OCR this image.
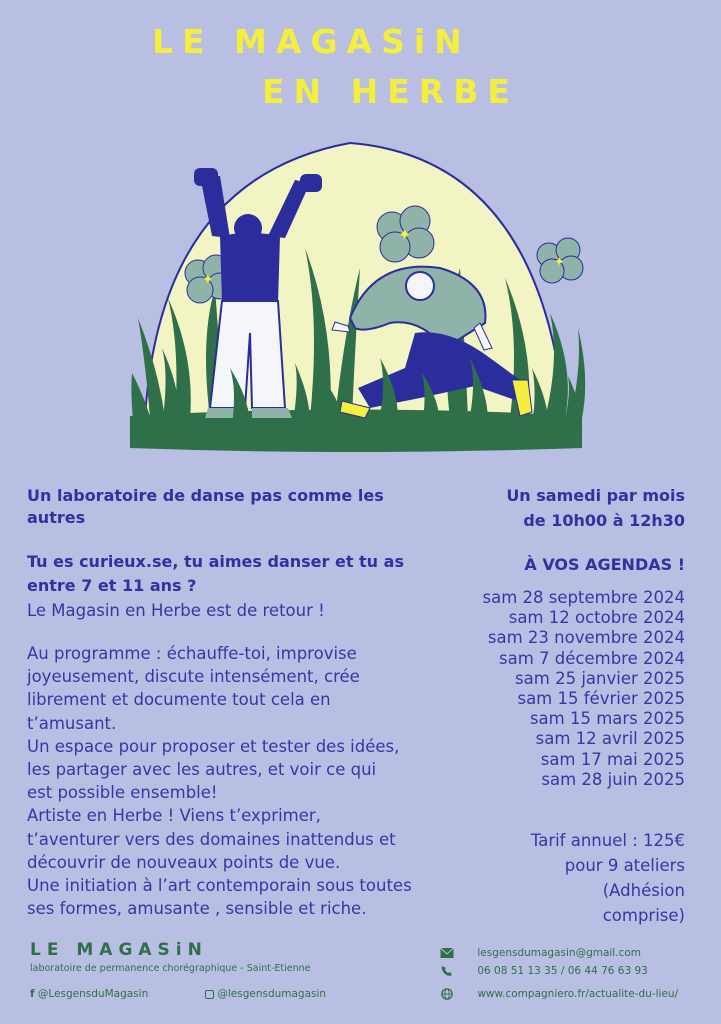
LE MAGASiN
EN HERBE
✦
✦
✦
Un laboratoire de danse pas comme les autres
Tu es curieux.se, tu aimes danser et tu as
entre 7 et 11 ans ?
Le Magasin en Herbe est de retour !
Au programme : échauffe-toi, improvise
joyeusement, discute intensément, crée
librement et documente tout cela en
t’amusant.
Un espace pour proposer et tester des idées,
les partager avec les autres, et voir ce qui
est possible ensemble!
Artiste en Herbe ! Viens t’exprimer,
t’aventurer vers des domaines inattendus et
découvrir de nouveaux points de vue.
Une initiation à l’art contemporain sous toutes
ses formes, amusante , sensible et riche.
Un samedi par mois
de 10h00 à 12h30
À VOS AGENDAS !
sam 28 septembre 2024
sam 12 octobre 2024
sam 23 novembre 2024
sam 7 décembre 2024
sam 25 janvier 2025
sam 15 février 2025
sam 15 mars 2025
sam 12 avril 2025
sam 17 mai 2025
sam 28 juin 2025
Tarif annuel : 125€
pour 9 ateliers
(Adhésion
comprise)
LE MAGASiN
laboratoire de permanence chorégraphique - Saint-Etienne
f @LesgensduMagasin	@lesgensdumagasin
lesgensdumagasin@gmail.com
06 08 51 13 35 / 06 44 76 63 93
www.compagniero.fr/actualite-du-lieu/
